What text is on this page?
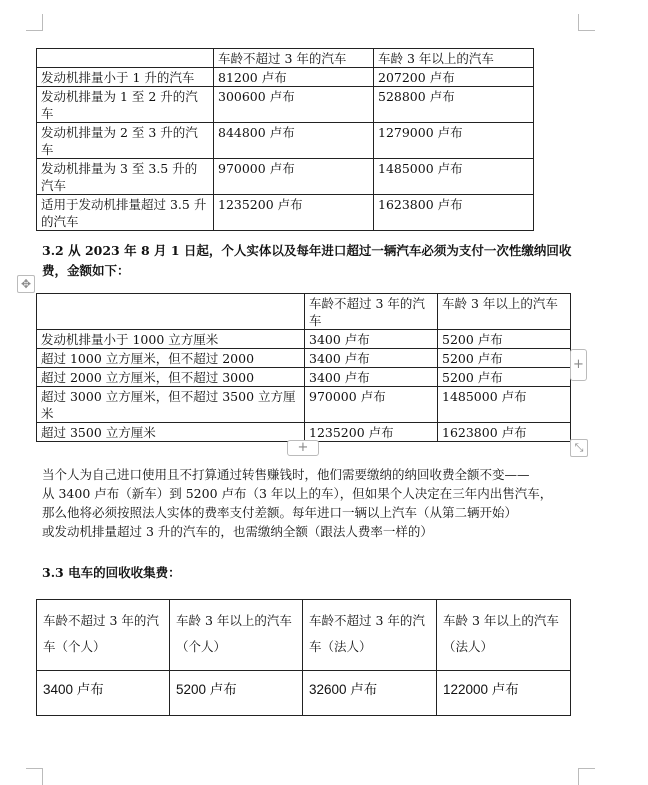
	车龄不超过 3 年的汽车	车龄 3 年以上的汽车
发动机排量小于 1 升的汽车	81200 卢布	207200 卢布
发动机排量为 1 至 2 升的汽车	300600 卢布	528800 卢布
发动机排量为 2 至 3 升的汽车	844800 卢布	1279000 卢布
发动机排量为 3 至 3.5 升的汽车	970000 卢布	1485000 卢布
适用于发动机排量超过 3.5 升的汽车	1235200 卢布	1623800 卢布
3.2 从 2023 年 8 月 1 日起，个人实体以及每年进口超过一辆汽车必须为支付一次性缴纳回收费，金额如下：
✥
	车龄不超过 3 年的汽车	车龄 3 年以上的汽车
发动机排量小于 1000 立方厘米	3400 卢布	5200 卢布
超过 1000 立方厘米，但不超过 2000	3400 卢布	5200 卢布
超过 2000 立方厘米，但不超过 3000	3400 卢布	5200 卢布
超过 3000 立方厘米，但不超过 3500 立方厘米	970000 卢布	1485000 卢布
超过 3500 立方厘米	1235200 卢布	1623800 卢布
+
+	⤡
当个人为自己进口使用且不打算通过转售赚钱时，他们需要缴纳的纳回收费全额不变——
从 3400 卢布（新车）到 5200 卢布（3 年以上的车），但如果个人决定在三年内出售汽车，
那么他将必须按照法人实体的费率支付差额。每年进口一辆以上汽车（从第二辆开始）
或发动机排量超过 3 升的汽车的，也需缴纳全额（跟法人费率一样的）
3.3 电车的回收收集费：
车龄不超过 3 年的汽车（个人）	车龄 3 年以上的汽车（个人）	车龄不超过 3 年的汽车（法人）	车龄 3 年以上的汽车（法人）
3400 卢布	5200 卢布	32600 卢布	122000 卢布
